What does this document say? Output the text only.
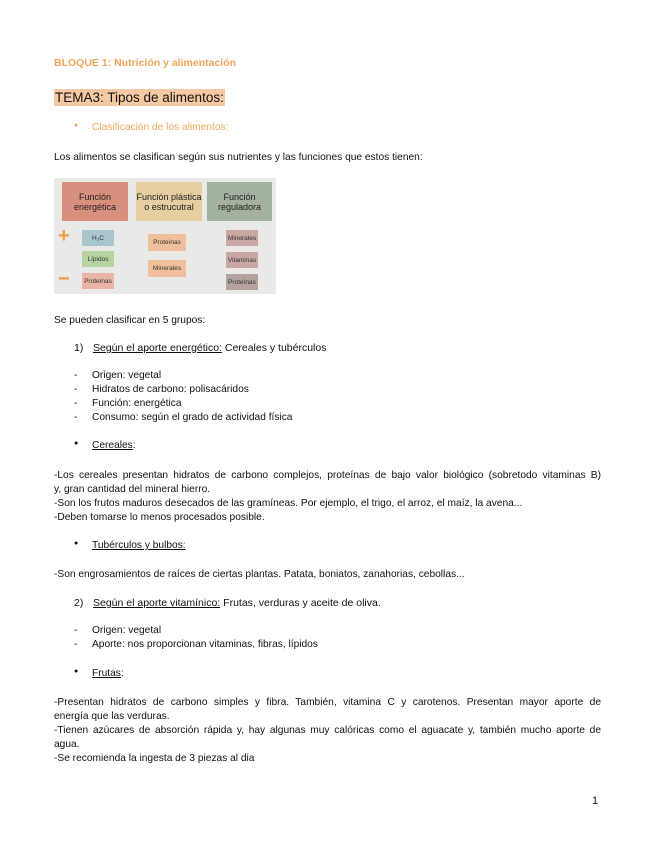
BLOQUE 1: Nutrición y alimentación
TEMA3: Tipos de alimentos:
● Clasificación de los alimentos:
Los alimentos se clasifican según sus nutrientes y las funciones que estos tienen:
Función energética
Función plástica o estrucutral
Función reguladora
+
−
H₂C
Lípidos
Proteínas
Proteínas
Minerales
Minerales
Vitaminas
Proteínas
Se pueden clasificar en 5 grupos:
1) Según el aporte energético: Cereales y tubérculos
- Origen: vegetal
- Hidratos de carbono: polisacáridos
- Función: energética
- Consumo: según el grado de actividad física
● Cereales:
-Los cereales presentan hidratos de carbono complejos, proteínas de bajo valor biológico (sobretodo vitaminas B)
y, gran cantidad del mineral hierro.
-Son los frutos maduros desecados de las gramíneas. Por ejemplo, el trigo, el arroz, el maíz, la avena...
-Deben tomarse lo menos procesados posible.
● Tubérculos y bulbos:
-Son engrosamientos de raíces de ciertas plantas. Patata, boniatos, zanahorias, cebollas...
2) Según el aporte vitamínico: Frutas, verduras y aceite de oliva.
- Origen: vegetal
- Aporte: nos proporcionan vitaminas, fibras, lípidos
● Frutas:
-Presentan hidratos de carbono simples y fibra. También, vitamina C y carotenos. Presentan mayor aporte de
energía que las verduras.
-Tienen azúcares de absorción rápida y, hay algunas muy calóricas como el aguacate y, también mucho aporte de
agua.
-Se recomienda la ingesta de 3 piezas al dia
1
